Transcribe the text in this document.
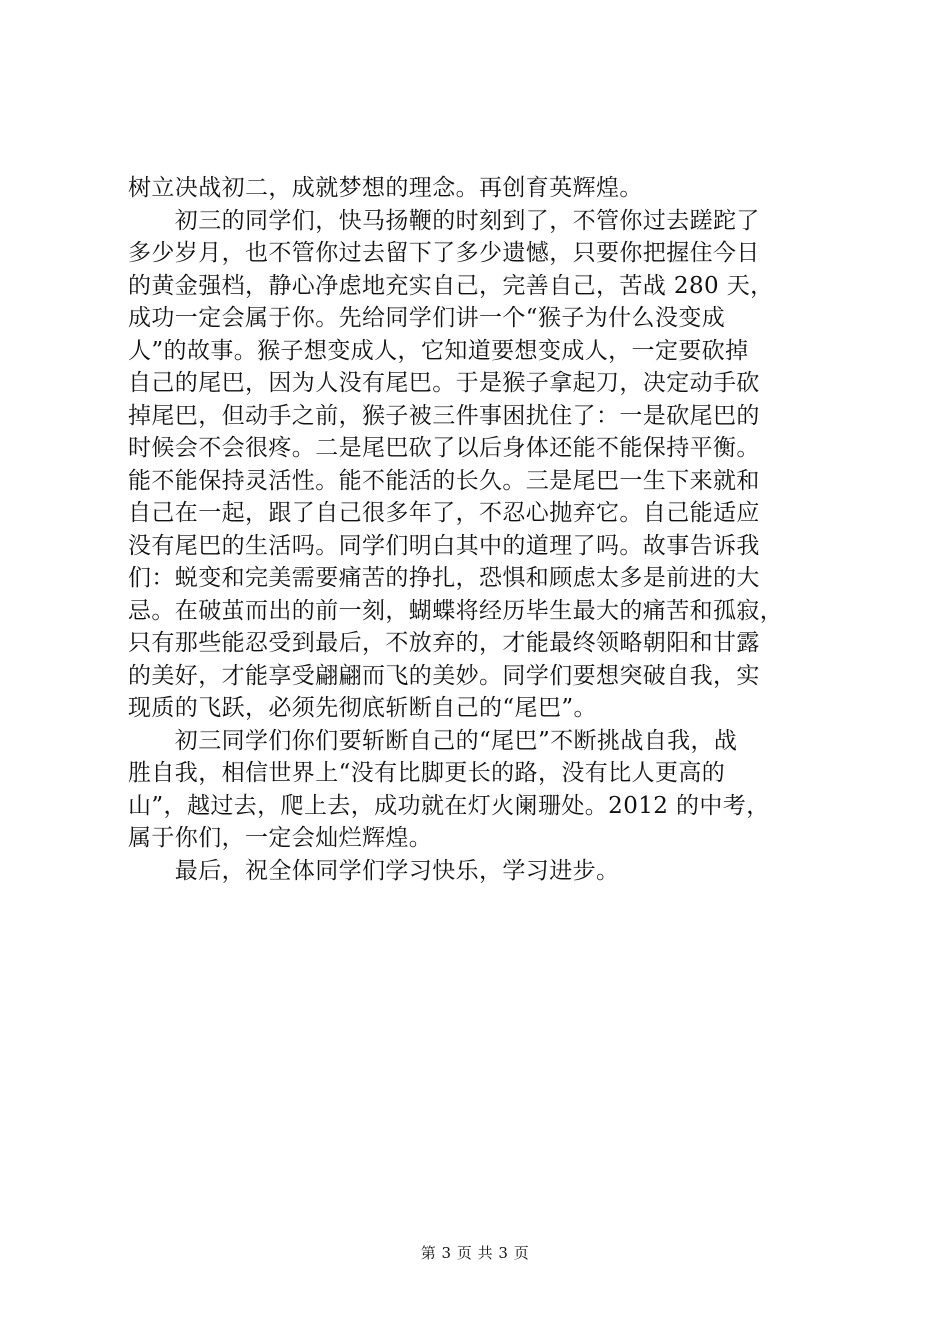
树立决战初二，成就梦想的理念。再创育英辉煌。
　　初三的同学们，快马扬鞭的时刻到了，不管你过去蹉跎了
多少岁月，也不管你过去留下了多少遗憾，只要你把握住今日
的黄金强档，静心净虑地充实自己，完善自己，苦战 280 天，
成功一定会属于你。先给同学们讲一个“猴子为什么没变成
人”的故事。猴子想变成人，它知道要想变成人，一定要砍掉
自己的尾巴，因为人没有尾巴。于是猴子拿起刀，决定动手砍
掉尾巴，但动手之前，猴子被三件事困扰住了：一是砍尾巴的
时候会不会很疼。二是尾巴砍了以后身体还能不能保持平衡。
能不能保持灵活性。能不能活的长久。三是尾巴一生下来就和
自己在一起，跟了自己很多年了，不忍心抛弃它。自己能适应
没有尾巴的生活吗。同学们明白其中的道理了吗。故事告诉我
们：蜕变和完美需要痛苦的挣扎，恐惧和顾虑太多是前进的大
忌。在破茧而出的前一刻，蝴蝶将经历毕生最大的痛苦和孤寂，
只有那些能忍受到最后，不放弃的，才能最终领略朝阳和甘露
的美好，才能享受翩翩而飞的美妙。同学们要想突破自我，实
现质的飞跃，必须先彻底斩断自己的“尾巴”。
　　初三同学们你们要斩断自己的“尾巴”不断挑战自我，战
胜自我，相信世界上“没有比脚更长的路，没有比人更高的
山”，越过去，爬上去，成功就在灯火阑珊处。2012 的中考，
属于你们，一定会灿烂辉煌。
　　最后，祝全体同学们学习快乐，学习进步。
第 3 页 共 3 页
